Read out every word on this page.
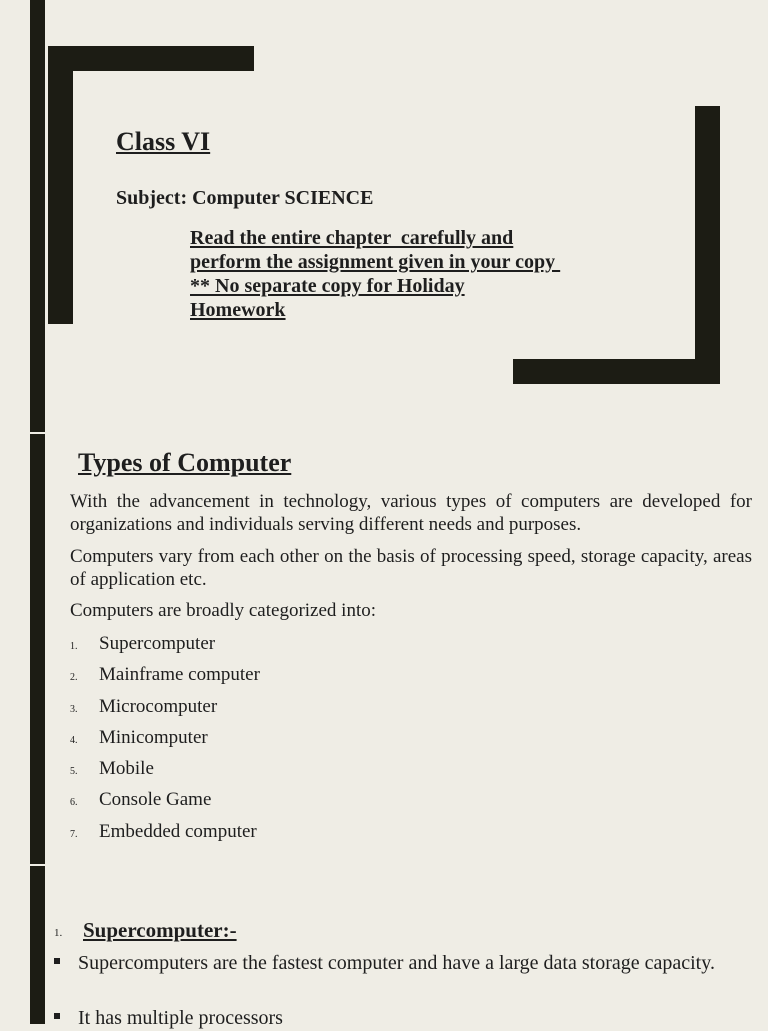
Class VI

Subject: Computer SCIENCE

Read the entire chapter  carefully and
perform the assignment given in your copy
** No separate copy for Holiday
Homework
Types of Computer

With the advancement in technology, various types of computers are developed for organizations and individuals serving different needs and purposes.

Computers vary from each other on the basis of processing speed, storage capacity, areas of application etc.

Computers are broadly categorized into:

1. Supercomputer
2. Mainframe computer
3. Microcomputer
4. Minicomputer
5. Mobile
6. Console Game
7. Embedded computer
1. Supercomputer:-
Supercomputers are the fastest computer and have a large data storage capacity.
It has multiple processors
